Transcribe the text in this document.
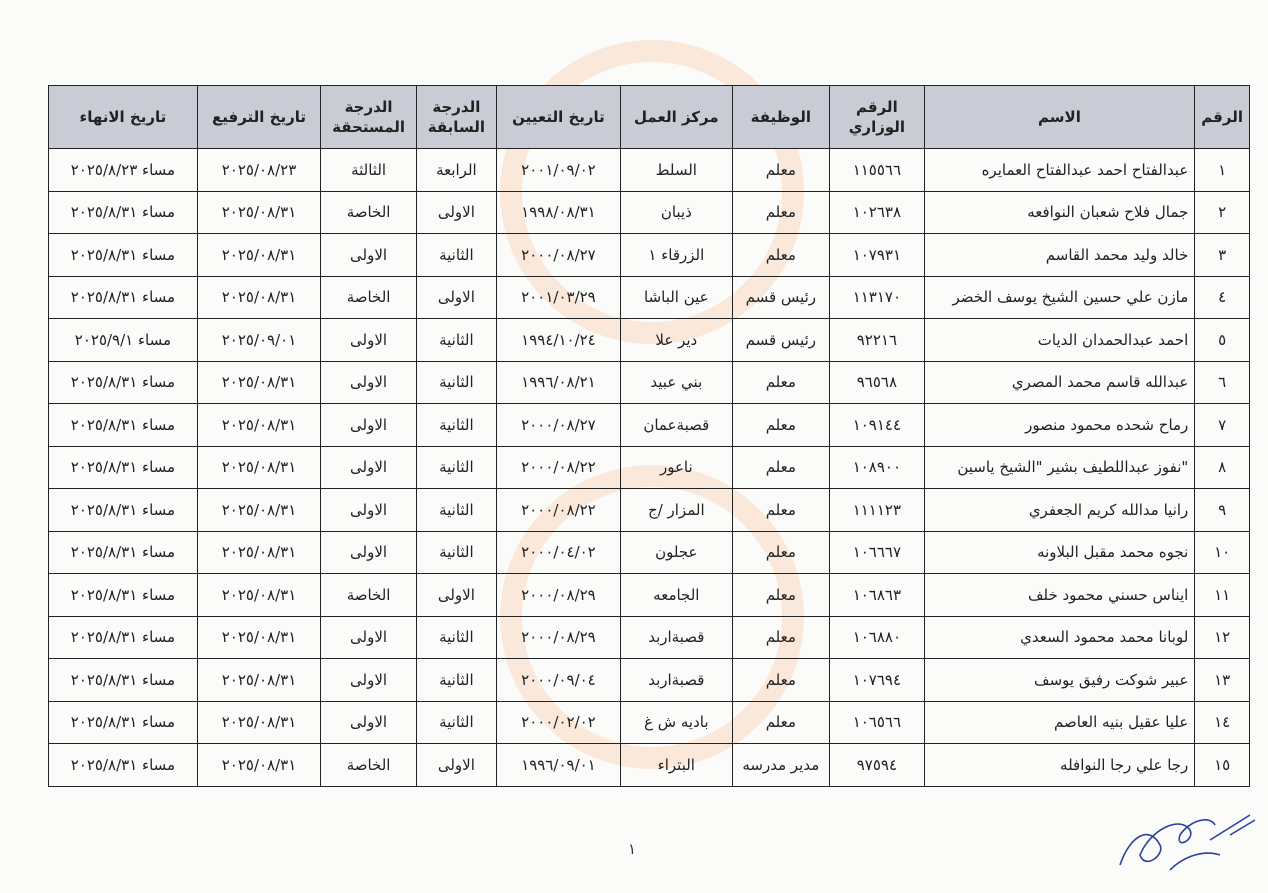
الرقم	الاسم	الرقم الوزاري	الوظيفة	مركز العمل	تاريخ التعيين	الدرجة السابقة	الدرجة المستحقة	تاريخ الترفيع	تاريخ الانهاء
١	عبدالفتاح احمد عبدالفتاح العمايره	١١٥٥٦٦	معلم	السلط	٢٠٠١/٠٩/٠٢	الرابعة	الثالثة	٢٠٢٥/٠٨/٢٣	مساء ٢٠٢٥/٨/٢٣
٢	جمال فلاح شعبان النوافعه	١٠٢٦٣٨	معلم	ذيبان	١٩٩٨/٠٨/٣١	الاولى	الخاصة	٢٠٢٥/٠٨/٣١	مساء ٢٠٢٥/٨/٣١
٣	خالد وليد محمد القاسم	١٠٧٩٣١	معلم	الزرقاء ١	٢٠٠٠/٠٨/٢٧	الثانية	الاولى	٢٠٢٥/٠٨/٣١	مساء ٢٠٢٥/٨/٣١
٤	مازن علي حسين الشيخ يوسف الخضر	١١٣١٧٠	رئيس قسم	عين الباشا	٢٠٠١/٠٣/٢٩	الاولى	الخاصة	٢٠٢٥/٠٨/٣١	مساء ٢٠٢٥/٨/٣١
٥	احمد عبدالحمدان الديات	٩٢٢١٦	رئيس قسم	دير علا	١٩٩٤/١٠/٢٤	الثانية	الاولى	٢٠٢٥/٠٩/٠١	مساء ٢٠٢٥/٩/١
٦	عبدالله قاسم محمد المصري	٩٦٥٦٨	معلم	بني عبيد	١٩٩٦/٠٨/٢١	الثانية	الاولى	٢٠٢٥/٠٨/٣١	مساء ٢٠٢٥/٨/٣١
٧	رماح شحده محمود منصور	١٠٩١٤٤	معلم	قصبةعمان	٢٠٠٠/٠٨/٢٧	الثانية	الاولى	٢٠٢٥/٠٨/٣١	مساء ٢٠٢٥/٨/٣١
٨	"نفوز عبداللطيف بشير "الشيخ ياسين	١٠٨٩٠٠	معلم	ناعور	٢٠٠٠/٠٨/٢٢	الثانية	الاولى	٢٠٢٥/٠٨/٣١	مساء ٢٠٢٥/٨/٣١
٩	رانيا مدالله كريم الجعفري	١١١١٢٣	معلم	المزار /ج	٢٠٠٠/٠٨/٢٢	الثانية	الاولى	٢٠٢٥/٠٨/٣١	مساء ٢٠٢٥/٨/٣١
١٠	نجوه محمد مقبل البلاونه	١٠٦٦٦٧	معلم	عجلون	٢٠٠٠/٠٤/٠٢	الثانية	الاولى	٢٠٢٥/٠٨/٣١	مساء ٢٠٢٥/٨/٣١
١١	ايناس حسني محمود خلف	١٠٦٨٦٣	معلم	الجامعه	٢٠٠٠/٠٨/٢٩	الاولى	الخاصة	٢٠٢٥/٠٨/٣١	مساء ٢٠٢٥/٨/٣١
١٢	لوبانا محمد محمود السعدي	١٠٦٨٨٠	معلم	قصبةاربد	٢٠٠٠/٠٨/٢٩	الثانية	الاولى	٢٠٢٥/٠٨/٣١	مساء ٢٠٢٥/٨/٣١
١٣	عبير شوكت رفيق يوسف	١٠٧٦٩٤	معلم	قصبةاربد	٢٠٠٠/٠٩/٠٤	الثانية	الاولى	٢٠٢٥/٠٨/٣١	مساء ٢٠٢٥/٨/٣١
١٤	عليا عقيل بنيه العاصم	١٠٦٥٦٦	معلم	باديه ش غ	٢٠٠٠/٠٢/٠٢	الثانية	الاولى	٢٠٢٥/٠٨/٣١	مساء ٢٠٢٥/٨/٣١
١٥	رجا علي رجا النوافله	٩٧٥٩٤	مدير مدرسه	البتراء	١٩٩٦/٠٩/٠١	الاولى	الخاصة	٢٠٢٥/٠٨/٣١	مساء ٢٠٢٥/٨/٣١
١
